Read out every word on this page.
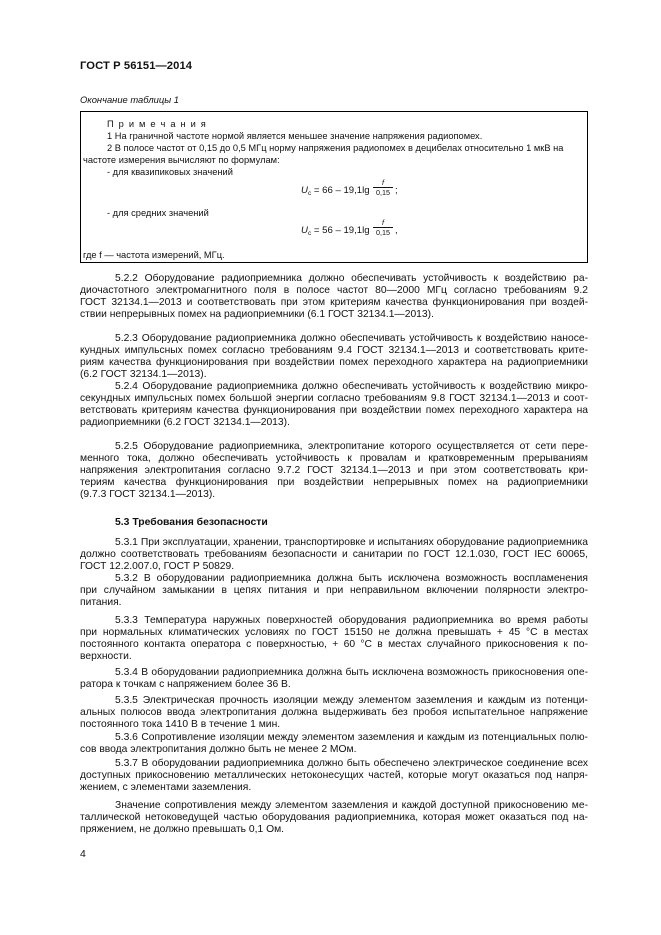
ГОСТ Р 56151—2014
Окончание таблицы 1
П р и м е ч а н и я
1 На граничной частоте нормой является меньшее значение напряжения радиопомех.
2 В полосе частот от 0,15 до 0,5 МГц норму напряжения радиопомех в децибелах относительно 1 мкВ на
частоте измерения вычисляют по формулам:
- для квазипиковых значений
$U_c = 66 - 19,1\lg \frac{f}{0,15}$ ;
- для средних значений
$U_c = 56 - 19,1\lg \frac{f}{0,15}$ ,
где f — частота измерений, МГц.
5.2.2 Оборудование радиоприемника должно обеспечивать устойчивость к воздействию ра-
диочастотного электромагнитного поля в полосе частот 80—2000 МГц согласно требованиям 9.2
ГОСТ 32134.1—2013 и соответствовать при этом критериям качества функционирования при воздей-
ствии непрерывных помех на радиоприемники (6.1 ГОСТ 32134.1—2013).
5.2.3 Оборудование радиоприемника должно обеспечивать устойчивость к воздействию наносе-
кундных импульсных помех согласно требованиям 9.4 ГОСТ 32134.1—2013 и соответствовать крите-
риям качества функционирования при воздействии помех переходного характера на радиоприемники
(6.2 ГОСТ 32134.1—2013).
5.2.4 Оборудование радиоприемника должно обеспечивать устойчивость к воздействию микро-
секундных импульсных помех большой энергии согласно требованиям 9.8 ГОСТ 32134.1—2013 и соот-
ветствовать критериям качества функционирования при воздействии помех переходного характера на
радиоприемники (6.2 ГОСТ 32134.1—2013).
5.2.5 Оборудование радиоприемника, электропитание которого осуществляется от сети пере-
менного тока, должно обеспечивать устойчивость к провалам и кратковременным прерываниям
напряжения электропитания согласно 9.7.2 ГОСТ 32134.1—2013 и при этом соответствовать кри-
териям качества функционирования при воздействии непрерывных помех на радиоприемники
(9.7.3 ГОСТ 32134.1—2013).
5.3 Требования безопасности
5.3.1 При эксплуатации, хранении, транспортировке и испытаниях оборудование радиоприемника
должно соответствовать требованиям безопасности и санитарии по ГОСТ 12.1.030, ГОСТ IEC 60065,
ГОСТ 12.2.007.0, ГОСТ Р 50829.
5.3.2 В оборудовании радиоприемника должна быть исключена возможность воспламенения
при случайном замыкании в цепях питания и при неправильном включении полярности электро-
питания.
5.3.3 Температура наружных поверхностей оборудования радиоприемника во время работы
при нормальных климатических условиях по ГОСТ 15150 не должна превышать + 45 °С в местах
постоянного контакта оператора с поверхностью, + 60 °С в местах случайного прикосновения к по-
верхности.
5.3.4 В оборудовании радиоприемника должна быть исключена возможность прикосновения опе-
ратора к точкам с напряжением более 36 В.
5.3.5 Электрическая прочность изоляции между элементом заземления и каждым из потенци-
альных полюсов ввода электропитания должна выдерживать без пробоя испытательное напряжение
постоянного тока 1410 В в течение 1 мин.
5.3.6 Сопротивление изоляции между элементом заземления и каждым из потенциальных полю-
сов ввода электропитания должно быть не менее 2 МОм.
5.3.7 В оборудовании радиоприемника должно быть обеспечено электрическое соединение всех
доступных прикосновению металлических нетоконесущих частей, которые могут оказаться под напря-
жением, с элементами заземления.
Значение сопротивления между элементом заземления и каждой доступной прикосновению ме-
таллической нетоковедущей частью оборудования радиоприемника, которая может оказаться под на-
пряжением, не должно превышать 0,1 Ом.
4
